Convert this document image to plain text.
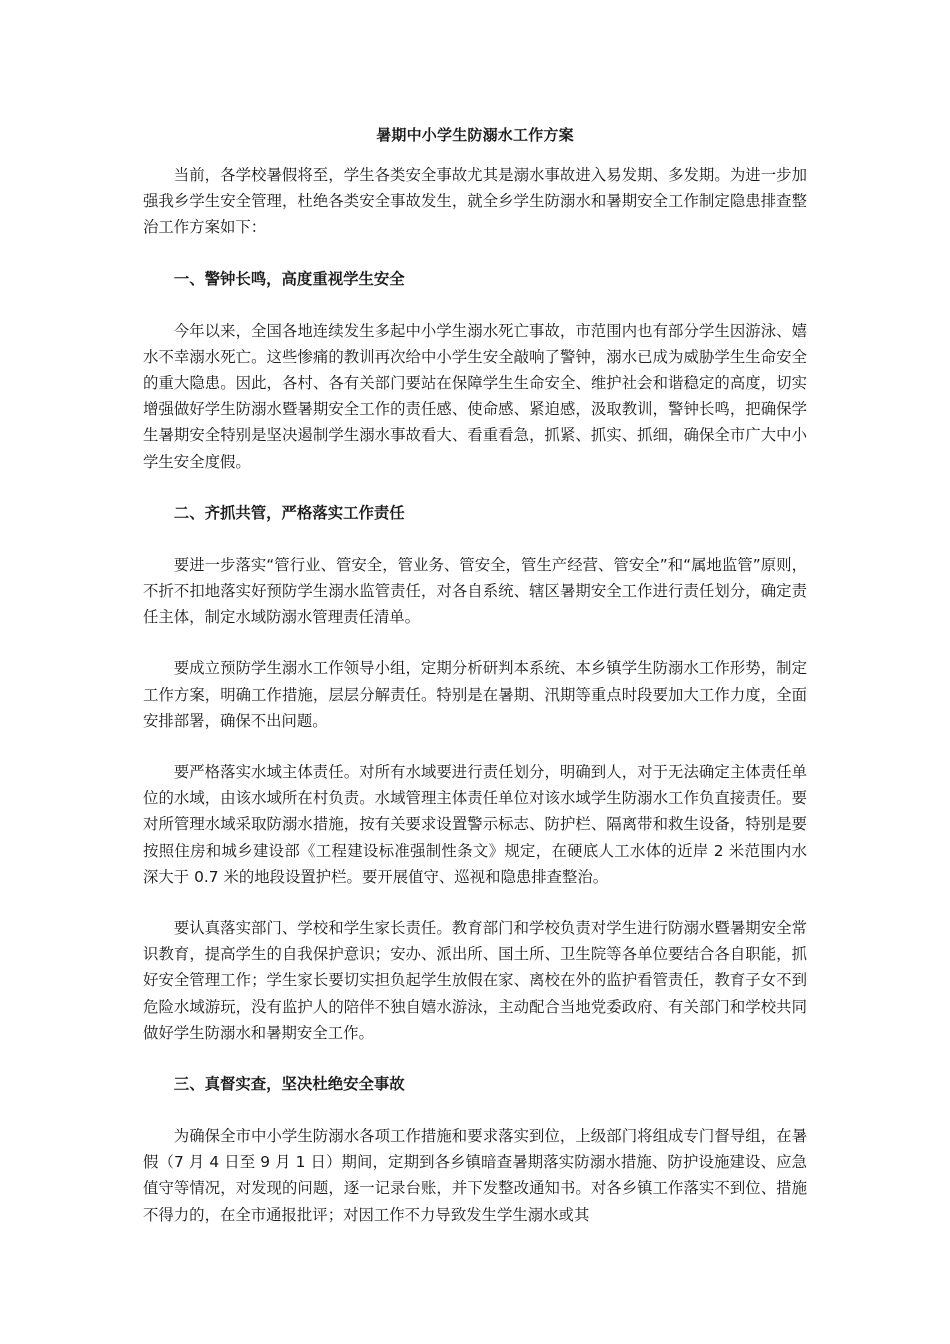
暑期中小学生防溺水工作方案

当前，各学校暑假将至，学生各类安全事故尤其是溺水事故进入易发期、多发期。为进一步加强我乡学生安全管理，杜绝各类安全事故发生，就全乡学生防溺水和暑期安全工作制定隐患排查整治工作方案如下：

一、警钟长鸣，高度重视学生安全

今年以来，全国各地连续发生多起中小学生溺水死亡事故，市范围内也有部分学生因游泳、嬉水不幸溺水死亡。这些惨痛的教训再次给中小学生安全敲响了警钟，溺水已成为威胁学生生命安全的重大隐患。因此，各村、各有关部门要站在保障学生生命安全、维护社会和谐稳定的高度，切实增强做好学生防溺水暨暑期安全工作的责任感、使命感、紧迫感，汲取教训，警钟长鸣，把确保学生暑期安全特别是坚决遏制学生溺水事故看大、看重看急，抓紧、抓实、抓细，确保全市广大中小学生安全度假。

二、齐抓共管，严格落实工作责任

要进一步落实“管行业、管安全，管业务、管安全，管生产经营、管安全”和“属地监管”原则，不折不扣地落实好预防学生溺水监管责任，对各自系统、辖区暑期安全工作进行责任划分，确定责任主体，制定水域防溺水管理责任清单。

要成立预防学生溺水工作领导小组，定期分析研判本系统、本乡镇学生防溺水工作形势，制定工作方案，明确工作措施，层层分解责任。特别是在暑期、汛期等重点时段要加大工作力度，全面安排部署，确保不出问题。

要严格落实水域主体责任。对所有水域要进行责任划分，明确到人，对于无法确定主体责任单位的水域，由该水域所在村负责。水域管理主体责任单位对该水域学生防溺水工作负直接责任。要对所管理水域采取防溺水措施，按有关要求设置警示标志、防护栏、隔离带和救生设备，特别是要按照住房和城乡建设部《工程建设标准强制性条文》规定，在硬底人工水体的近岸 2 米范围内水深大于 0.7 米的地段设置护栏。要开展值守、巡视和隐患排查整治。

要认真落实部门、学校和学生家长责任。教育部门和学校负责对学生进行防溺水暨暑期安全常识教育，提高学生的自我保护意识；安办、派出所、国土所、卫生院等各单位要结合各自职能，抓好安全管理工作；学生家长要切实担负起学生放假在家、离校在外的监护看管责任，教育子女不到危险水域游玩，没有监护人的陪伴不独自嬉水游泳，主动配合当地党委政府、有关部门和学校共同做好学生防溺水和暑期安全工作。

三、真督实查，坚决杜绝安全事故

为确保全市中小学生防溺水各项工作措施和要求落实到位，上级部门将组成专门督导组，在暑假（7 月 4 日至 9 月 1 日）期间，定期到各乡镇暗查暑期落实防溺水措施、防护设施建设、应急值守等情况，对发现的问题，逐一记录台账，并下发整改通知书。对各乡镇工作落实不到位、措施不得力的，在全市通报批评；对因工作不力导致发生学生溺水或其
